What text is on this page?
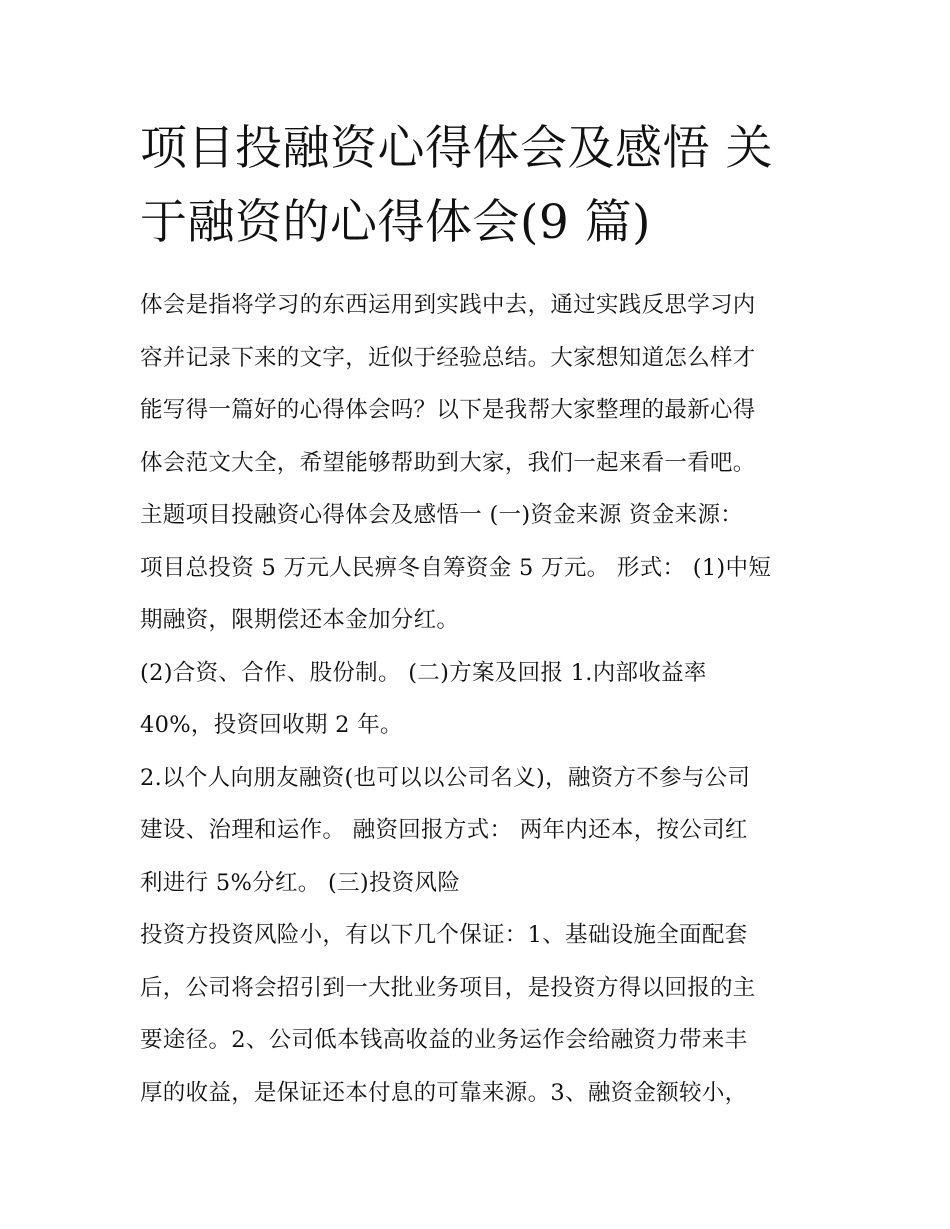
项目投融资心得体会及感悟 关
于融资的心得体会(9 篇)
体会是指将学习的东西运用到实践中去，通过实践反思学习内
容并记录下来的文字，近似于经验总结。大家想知道怎么样才
能写得一篇好的心得体会吗？以下是我帮大家整理的最新心得
体会范文大全，希望能够帮助到大家，我们一起来看一看吧。
主题项目投融资心得体会及感悟一 (一)资金来源 资金来源：
项目总投资 5 万元人民痹冬自筹资金 5 万元。 形式： (1)中短
期融资，限期偿还本金加分红。
(2)合资、合作、股份制。 (二)方案及回报 1.内部收益率
40%，投资回收期 2 年。
2.以个人向朋友融资(也可以以公司名义)，融资方不参与公司
建设、治理和运作。 融资回报方式： 两年内还本，按公司红
利进行 5%分红。 (三)投资风险
投资方投资风险小，有以下几个保证：1、基础设施全面配套
后，公司将会招引到一大批业务项目，是投资方得以回报的主
要途径。2、公司低本钱高收益的业务运作会给融资力带来丰
厚的收益，是保证还本付息的可靠来源。3、融资金额较小，
